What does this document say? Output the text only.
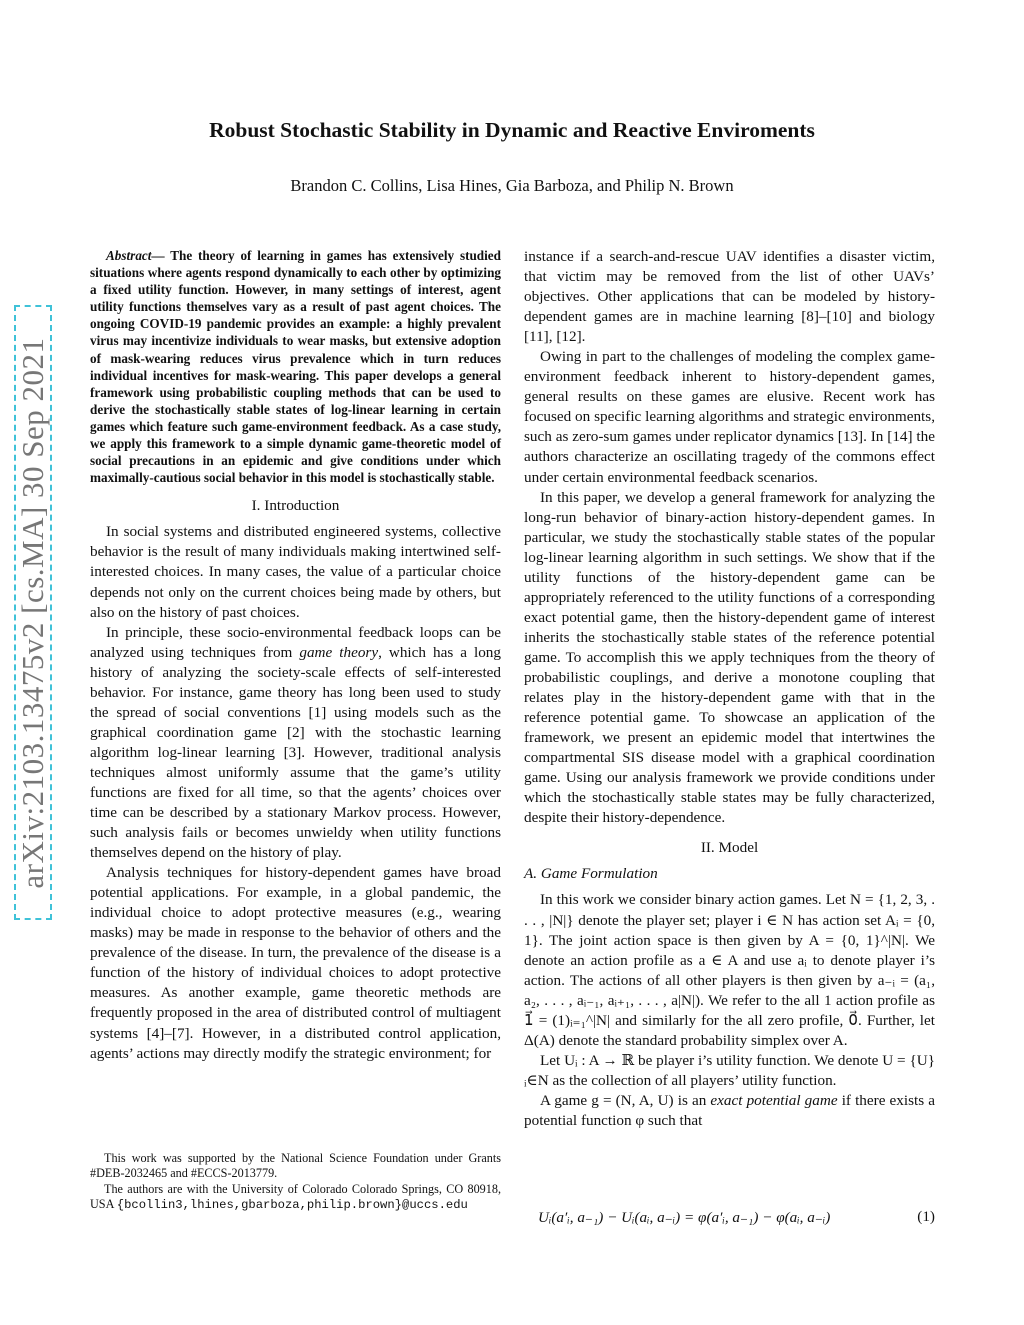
arXiv:2103.13475v2 [cs.MA] 30 Sep 2021
Robust Stochastic Stability in Dynamic and Reactive Enviroments
Brandon C. Collins, Lisa Hines, Gia Barboza, and Philip N. Brown

Abstract— The theory of learning in games has extensively studied situations where agents respond dynamically to each other by optimizing a fixed utility function. However, in many settings of interest, agent utility functions themselves vary as a result of past agent choices. The ongoing COVID-19 pandemic provides an example: a highly prevalent virus may incentivize individuals to wear masks, but extensive adoption of mask-wearing reduces virus prevalence which in turn reduces individual incentives for mask-wearing. This paper develops a general framework using probabilistic coupling methods that can be used to derive the stochastically stable states of log-linear learning in certain games which feature such game-environment feedback. As a case study, we apply this framework to a simple dynamic game-theoretic model of social precautions in an epidemic and give conditions under which maximally-cautious social behavior in this model is stochastically stable.

I. Introduction

In social systems and distributed engineered systems, collective behavior is the result of many individuals making intertwined self-interested choices. In many cases, the value of a particular choice depends not only on the current choices being made by others, but also on the history of past choices.

In principle, these socio-environmental feedback loops can be analyzed using techniques from game theory, which has a long history of analyzing the society-scale effects of self-interested behavior. For instance, game theory has long been used to study the spread of social conventions [1] using models such as the graphical coordination game [2] with the stochastic learning algorithm log-linear learning [3]. However, traditional analysis techniques almost uniformly assume that the game’s utility functions are fixed for all time, so that the agents’ choices over time can be described by a stationary Markov process. However, such analysis fails or becomes unwieldy when utility functions themselves depend on the history of play.

Analysis techniques for history-dependent games have broad potential applications. For example, in a global pandemic, the individual choice to adopt protective measures (e.g., wearing masks) may be made in response to the behavior of others and the prevalence of the disease. In turn, the prevalence of the disease is a function of the history of individual choices to adopt protective measures. As another example, game theoretic methods are frequently proposed in the area of distributed control of multiagent systems [4]–[7]. However, in a distributed control application, agents’ actions may directly modify the strategic environment; for

This work was supported by the National Science Foundation under Grants #DEB-2032465 and #ECCS-2013779.

The authors are with the University of Colorado Colorado Springs, CO 80918, USA {bcollin3,lhines,gbarboza,philip.brown}@uccs.edu

instance if a search-and-rescue UAV identifies a disaster victim, that victim may be removed from the list of other UAVs’ objectives. Other applications that can be modeled by history-dependent games are in machine learning [8]–[10] and biology [11], [12].

Owing in part to the challenges of modeling the complex game-environment feedback inherent to history-dependent games, general results on these games are elusive. Recent work has focused on specific learning algorithms and strategic environments, such as zero-sum games under replicator dynamics [13]. In [14] the authors characterize an oscillating tragedy of the commons effect under certain environmental feedback scenarios.

In this paper, we develop a general framework for analyzing the long-run behavior of binary-action history-dependent games. In particular, we study the stochastically stable states of the popular log-linear learning algorithm in such settings. We show that if the utility functions of the history-dependent game can be appropriately referenced to the utility functions of a corresponding exact potential game, then the history-dependent game of interest inherits the stochastically stable states of the reference potential game. To accomplish this we apply techniques from the theory of probabilistic couplings, and derive a monotone coupling that relates play in the history-dependent game with that in the reference potential game. To showcase an application of the framework, we present an epidemic model that intertwines the compartmental SIS disease model with a graphical coordination game. Using our analysis framework we provide conditions under which the stochastically stable states may be fully characterized, despite their history-dependence.

II. Model
A. Game Formulation

In this work we consider binary action games. Let N = {1, 2, 3, . . . , |N|} denote the player set; player i ∈ N has action set Aᵢ = {0, 1}. The joint action space is then given by A = {0, 1}^|N|. We denote an action profile as a ∈ A and use aᵢ to denote player i’s action. The actions of all other players is then given by a₋ᵢ = (a₁, a₂, . . . , aᵢ₋₁, aᵢ₊₁, . . . , a|N|). We refer to the all 1 action profile as 1⃗ = (1)ᵢ₌₁^|N| and similarly for the all zero profile, 0⃗. Further, let Δ(A) denote the standard probability simplex over A.

Let Uᵢ : A → ℝ be player i’s utility function. We denote U = {U}ᵢ∈N as the collection of all players’ utility function.

A game g = (N, A, U) is an exact potential game if there exists a potential function φ such that

Uᵢ(a′ᵢ, a₋₁) − Uᵢ(aᵢ, a₋ᵢ) = φ(a′ᵢ, a₋₁) − φ(aᵢ, a₋ᵢ)	(1)
